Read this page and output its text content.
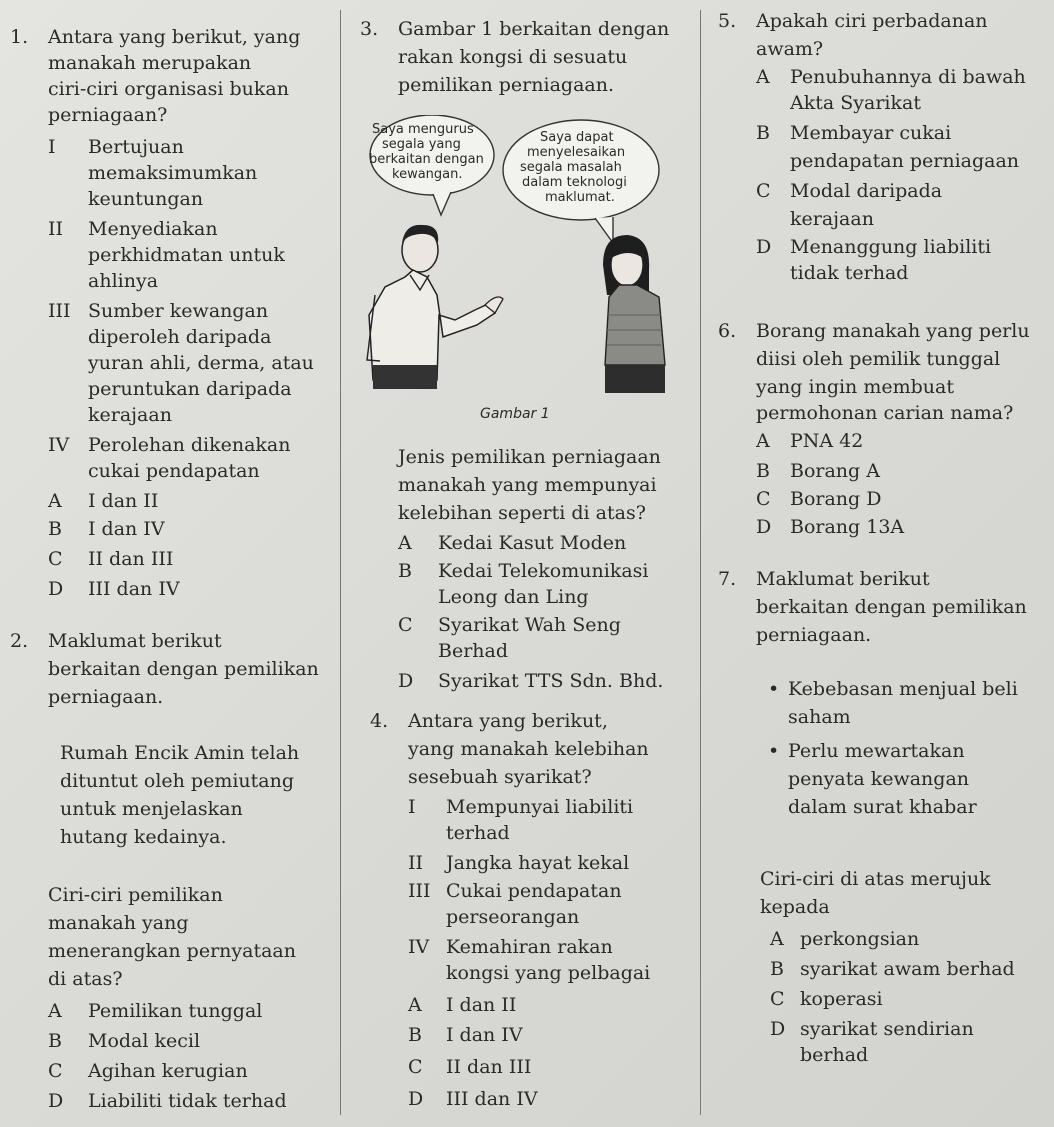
1. Antara yang berikut, yang
manakah merupakan
ciri-ciri organisasi bukan
perniagaan?
I Bertujuan
memaksimumkan
keuntungan
II Menyediakan
perkhidmatan untuk
ahlinya
III Sumber kewangan
diperoleh daripada
yuran ahli, derma, atau
peruntukan daripada
kerajaan
IV Perolehan dikenakan
cukai pendapatan
A I dan II
B I dan IV
C II dan III
D III dan IV
2. Maklumat berikut
berkaitan dengan pemilikan
perniagaan.
Rumah Encik Amin telah
dituntut oleh pemiutang
untuk menjelaskan
hutang kedainya.
Ciri-ciri pemilikan
manakah yang
menerangkan pernyataan
di atas?
A Pemilikan tunggal
B Modal kecil
C Agihan kerugian
D Liabiliti tidak terhad
3. Gambar 1 berkaitan dengan
rakan kongsi di sesuatu
pemilikan perniagaan.
Saya mengurus
segala yang
berkaitan dengan
kewangan.
Saya dapat
menyelesaikan
segala masalah
dalam teknologi
maklumat.
Gambar 1
Jenis pemilikan perniagaan
manakah yang mempunyai
kelebihan seperti di atas?
A Kedai Kasut Moden
B Kedai Telekomunikasi
Leong dan Ling
C Syarikat Wah Seng
Berhad
D Syarikat TTS Sdn. Bhd.
4. Antara yang berikut,
yang manakah kelebihan
sesebuah syarikat?
I Mempunyai liabiliti
terhad
II Jangka hayat kekal
III Cukai pendapatan
perseorangan
IV Kemahiran rakan
kongsi yang pelbagai
A I dan II
B I dan IV
C II dan III
D III dan IV
5. Apakah ciri perbadanan
awam?
A Penubuhannya di bawah
Akta Syarikat
B Membayar cukai
pendapatan perniagaan
C Modal daripada
kerajaan
D Menanggung liabiliti
tidak terhad
6. Borang manakah yang perlu
diisi oleh pemilik tunggal
yang ingin membuat
permohonan carian nama?
A PNA 42
B Borang A
C Borang D
D Borang 13A
7. Maklumat berikut
berkaitan dengan pemilikan
perniagaan.
• Kebebasan menjual beli
saham
• Perlu mewartakan
penyata kewangan
dalam surat khabar
Ciri-ciri di atas merujuk
kepada
A perkongsian
B syarikat awam berhad
C koperasi
D syarikat sendirian
berhad
